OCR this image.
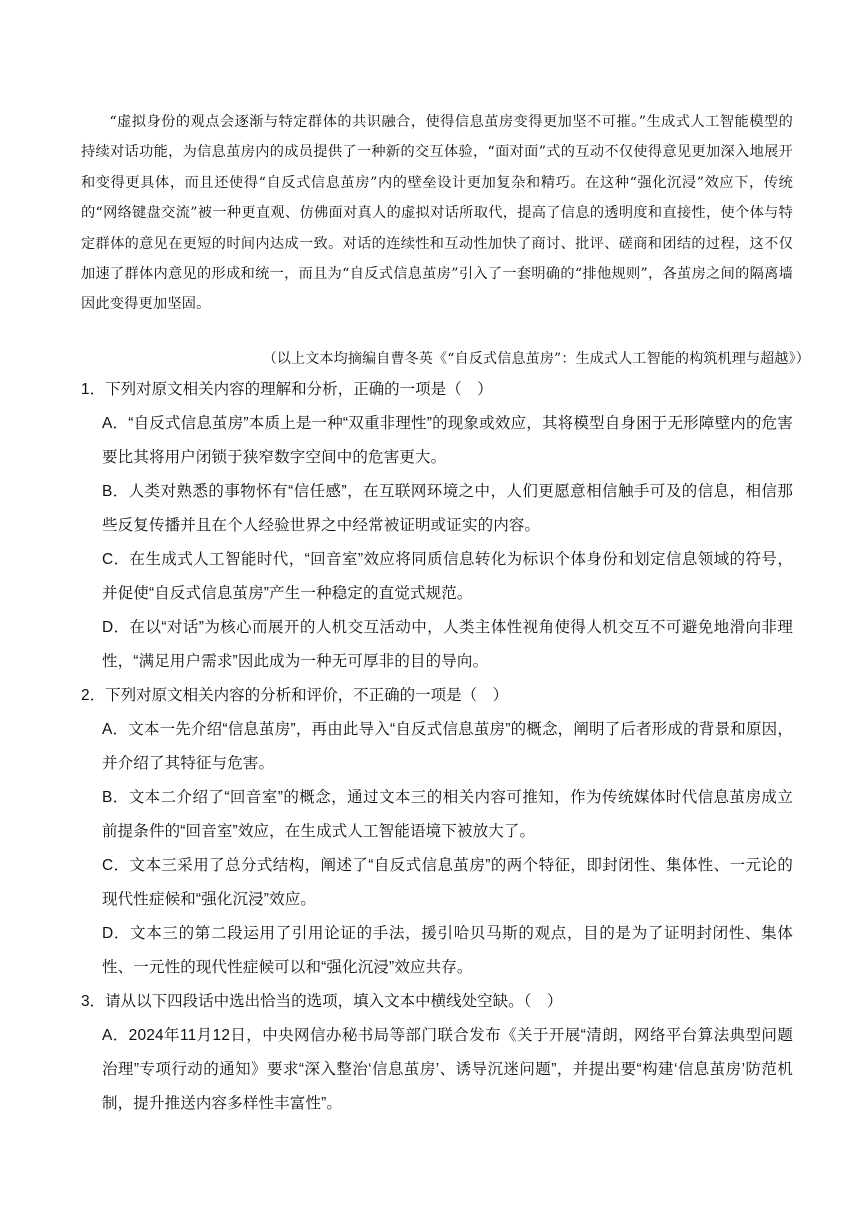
“虚拟身份的观点会逐渐与特定群体的共识融合，使得信息茧房变得更加坚不可摧。”生成式人工智能模型的持续对话功能，为信息茧房内的成员提供了一种新的交互体验，“面对面”式的互动不仅使得意见更加深入地展开和变得更具体，而且还使得“自反式信息茧房”内的壁垒设计更加复杂和精巧。在这种“强化沉浸”效应下，传统的“网络键盘交流”被一种更直观、仿佛面对真人的虚拟对话所取代，提高了信息的透明度和直接性，使个体与特定群体的意见在更短的时间内达成一致。对话的连续性和互动性加快了商讨、批评、磋商和团结的过程，这不仅加速了群体内意见的形成和统一，而且为“自反式信息茧房”引入了一套明确的“排他规则”，各茧房之间的隔离墙因此变得更加坚固。

（以上文本均摘编自曹冬英《“自反式信息茧房”：生成式人工智能的构筑机理与超越》）
1． 下列对原文相关内容的理解和分析，正确的一项是（　）
A．“自反式信息茧房”本质上是一种“双重非理性”的现象或效应，其将模型自身困于无形障壁内的危害要比其将用户闭锁于狭窄数字空间中的危害更大。
B．人类对熟悉的事物怀有“信任感”，在互联网环境之中，人们更愿意相信触手可及的信息，相信那些反复传播并且在个人经验世界之中经常被证明或证实的内容。
C．在生成式人工智能时代，“回音室”效应将同质信息转化为标识个体身份和划定信息领域的符号，并促使“自反式信息茧房”产生一种稳定的直觉式规范。
D．在以“对话”为核心而展开的人机交互活动中，人类主体性视角使得人机交互不可避免地滑向非理性，“满足用户需求”因此成为一种无可厚非的目的导向。
2． 下列对原文相关内容的分析和评价，不正确的一项是（　）
A．文本一先介绍“信息茧房”，再由此导入“自反式信息茧房”的概念，阐明了后者形成的背景和原因，并介绍了其特征与危害。
B．文本二介绍了“回音室”的概念，通过文本三的相关内容可推知，作为传统媒体时代信息茧房成立前提条件的“回音室”效应，在生成式人工智能语境下被放大了。
C．文本三采用了总分式结构，阐述了“自反式信息茧房”的两个特征，即封闭性、集体性、一元论的现代性症候和“强化沉浸”效应。
D．文本三的第二段运用了引用论证的手法，援引哈贝马斯的观点，目的是为了证明封闭性、集体性、一元性的现代性症候可以和“强化沉浸”效应共存。
3． 请从以下四段话中选出恰当的选项，填入文本中横线处空缺。（　）
A．2024年11月12日，中央网信办秘书局等部门联合发布《关于开展“清朗，网络平台算法典型问题治理”专项行动的通知》要求“深入整治‘信息茧房’、诱导沉迷问题”，并提出要“构建‘信息茧房’防范机制，提升推送内容多样性丰富性”。
